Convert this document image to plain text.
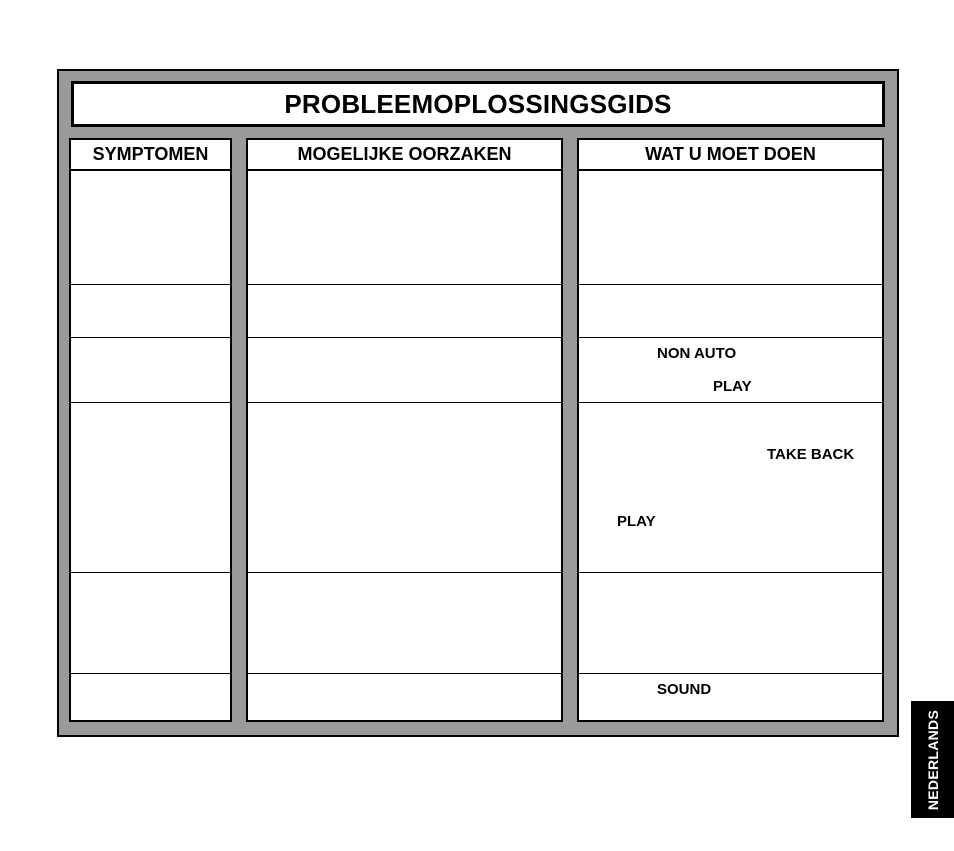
PROBLEEMOPLOSSINGSGIDS
SYMPTOMEN	MOGELIJKE OORZAKEN	WAT U MOET DOEN
NON AUTO
PLAY
TAKE BACK
PLAY
SOUND
NEDERLANDS
